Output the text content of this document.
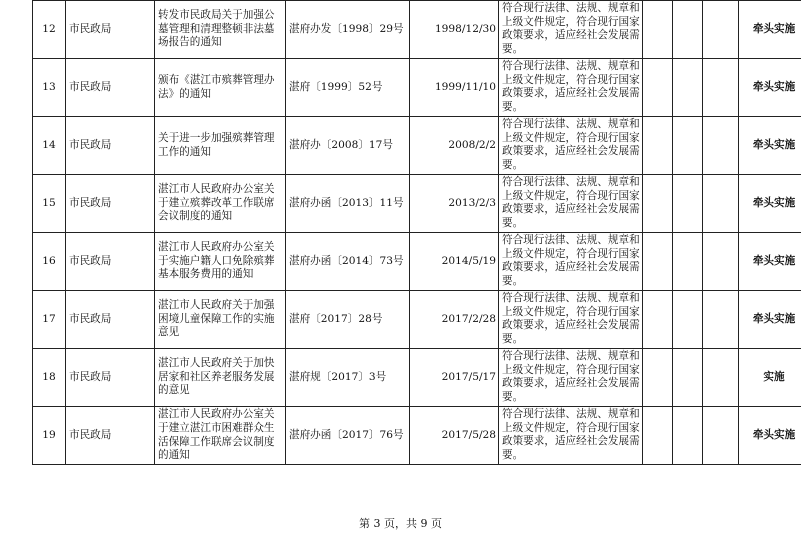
12	市民政局	转发市民政局关于加强公墓管理和清理整顿非法墓场报告的通知	湛府办发〔1998〕29号	1998/12/30	符合现行法律、法规、规章和上级文件规定，符合现行国家政策要求，适应经社会发展需要。				牵头实施
13	市民政局	颁布《湛江市殡葬管理办法》的通知	湛府〔1999〕52号	1999/11/10	符合现行法律、法规、规章和上级文件规定，符合现行国家政策要求，适应经社会发展需要。				牵头实施
14	市民政局	关于进一步加强殡葬管理工作的通知	湛府办〔2008〕17号	2008/2/2	符合现行法律、法规、规章和上级文件规定，符合现行国家政策要求，适应经社会发展需要。				牵头实施
15	市民政局	湛江市人民政府办公室关于建立殡葬改革工作联席会议制度的通知	湛府办函〔2013〕11号	2013/2/3	符合现行法律、法规、规章和上级文件规定，符合现行国家政策要求，适应经社会发展需要。				牵头实施
16	市民政局	湛江市人民政府办公室关于实施户籍人口免除殡葬基本服务费用的通知	湛府办函〔2014〕73号	2014/5/19	符合现行法律、法规、规章和上级文件规定，符合现行国家政策要求，适应经社会发展需要。				牵头实施
17	市民政局	湛江市人民政府关于加强困境儿童保障工作的实施意见	湛府〔2017〕28号	2017/2/28	符合现行法律、法规、规章和上级文件规定，符合现行国家政策要求，适应经社会发展需要。				牵头实施
18	市民政局	湛江市人民政府关于加快居家和社区养老服务发展的意见	湛府规〔2017〕3号	2017/5/17	符合现行法律、法规、规章和上级文件规定，符合现行国家政策要求，适应经社会发展需要。				实施
19	市民政局	湛江市人民政府办公室关于建立湛江市困难群众生活保障工作联席会议制度的通知	湛府办函〔2017〕76号	2017/5/28	符合现行法律、法规、规章和上级文件规定，符合现行国家政策要求，适应经社会发展需要。				牵头实施
第 3 页，共 9 页
